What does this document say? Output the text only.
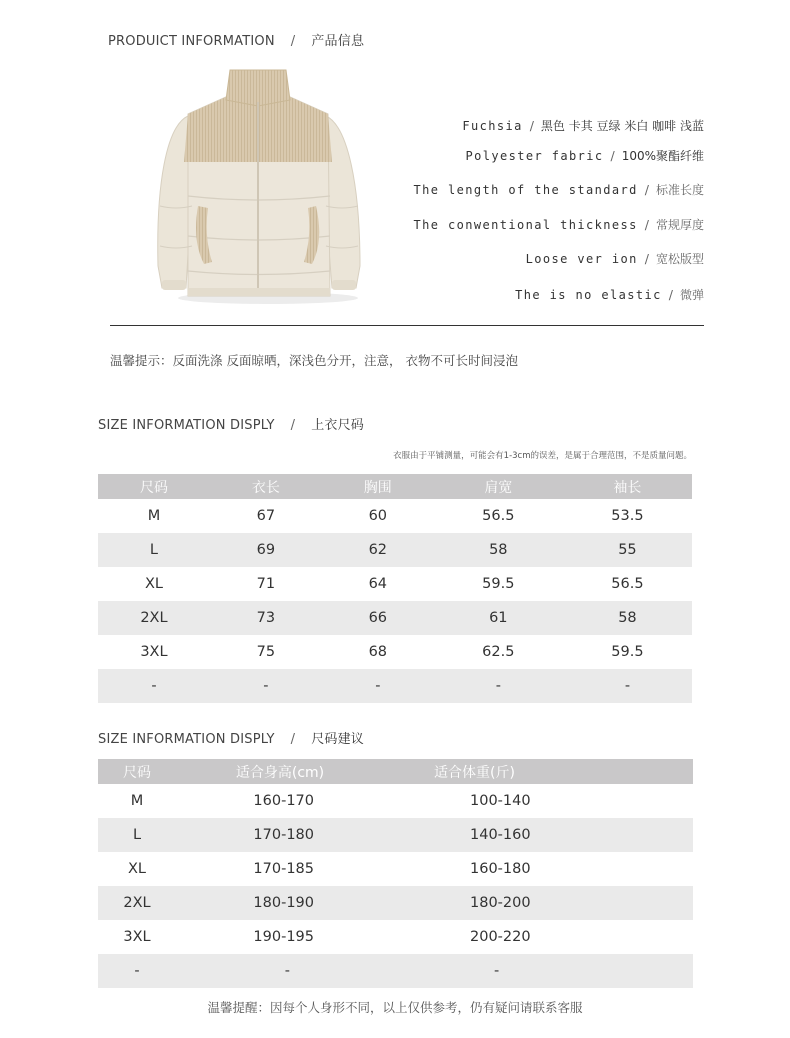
PRODUICT INFORMATION / 产品信息
Fuchsia / 黑色 卡其 豆绿 米白 咖啡 浅蓝
Polyester fabric / 100%聚酯纤维
The length of the standard / 标准长度
The conwentional thickness / 常规厚度
Loose ver ion / 宽松版型
The is no elastic / 微弹
温馨提示：反面洗涤 反面晾晒，深浅色分开，注意， 衣物不可长时间浸泡
SIZE INFORMATION DISPLY / 上衣尺码
衣服由于平铺测量，可能会有1-3cm的误差，是属于合理范围，不是质量问题。
尺码	衣长	胸围	肩宽	袖长
M	67	60	56.5	53.5
L	69	62	58	55
XL	71	64	59.5	56.5
2XL	73	66	61	58
3XL	75	68	62.5	59.5
-	-	-	-	-
SIZE INFORMATION DISPLY / 尺码建议
尺码	适合身高(cm)	适合体重(斤)
M	160-170	100-140
L	170-180	140-160
XL	170-185	160-180
2XL	180-190	180-200
3XL	190-195	200-220
-	-	-
温馨提醒：因每个人身形不同，以上仅供参考，仍有疑问请联系客服
